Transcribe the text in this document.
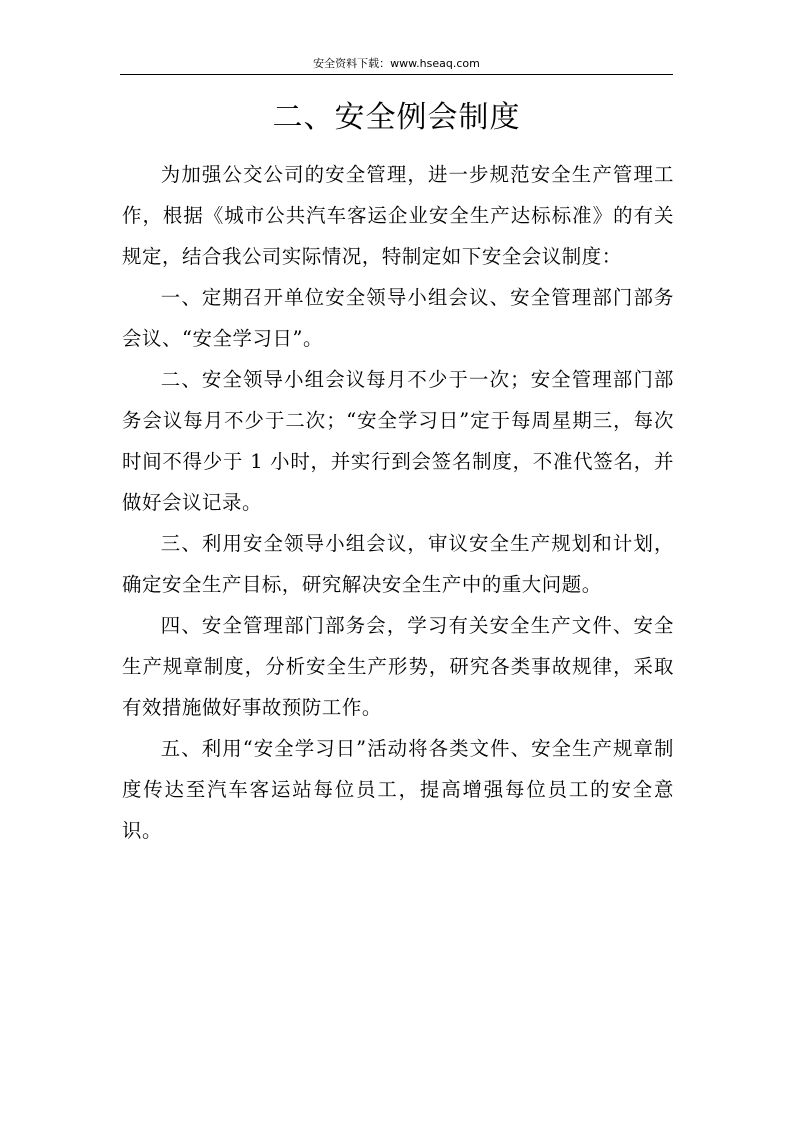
安全资料下载：www.hseaq.com
二、安全例会制度

为加强公交公司的安全管理，进一步规范安全生产管理工作，根据《城市公共汽车客运企业安全生产达标标准》的有关规定，结合我公司实际情况，特制定如下安全会议制度：

一、定期召开单位安全领导小组会议、安全管理部门部务会议、“安全学习日”。

二、安全领导小组会议每月不少于一次；安全管理部门部务会议每月不少于二次；“安全学习日”定于每周星期三，每次时间不得少于 1 小时，并实行到会签名制度，不准代签名，并做好会议记录。

三、利用安全领导小组会议，审议安全生产规划和计划，确定安全生产目标，研究解决安全生产中的重大问题。

四、安全管理部门部务会，学习有关安全生产文件、安全生产规章制度，分析安全生产形势，研究各类事故规律，采取有效措施做好事故预防工作。

五、利用“安全学习日”活动将各类文件、安全生产规章制度传达至汽车客运站每位员工，提高增强每位员工的安全意识。
